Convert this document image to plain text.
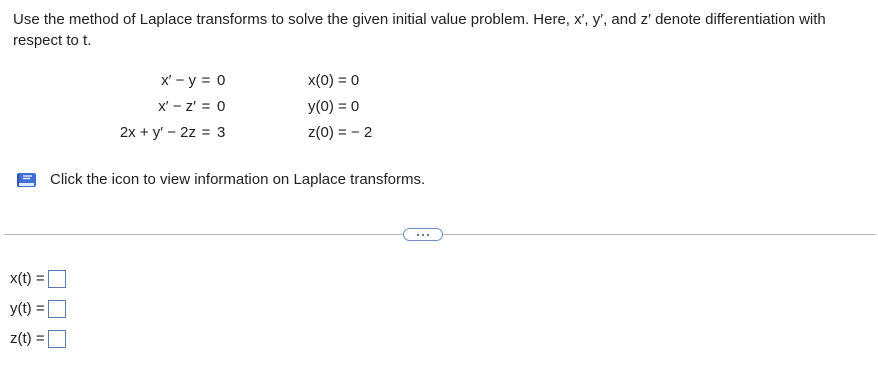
Use the method of Laplace transforms to solve the given initial value problem. Here, x′, y′, and z′ denote differentiation with respect to t.
x′ − y = 0
x′ − z′ = 0
2x + y′ − 2z = 3
x(0) = 0
y(0) = 0
z(0) = − 2
Click the icon to view information on Laplace transforms.
x(t) =
y(t) =
z(t) =
